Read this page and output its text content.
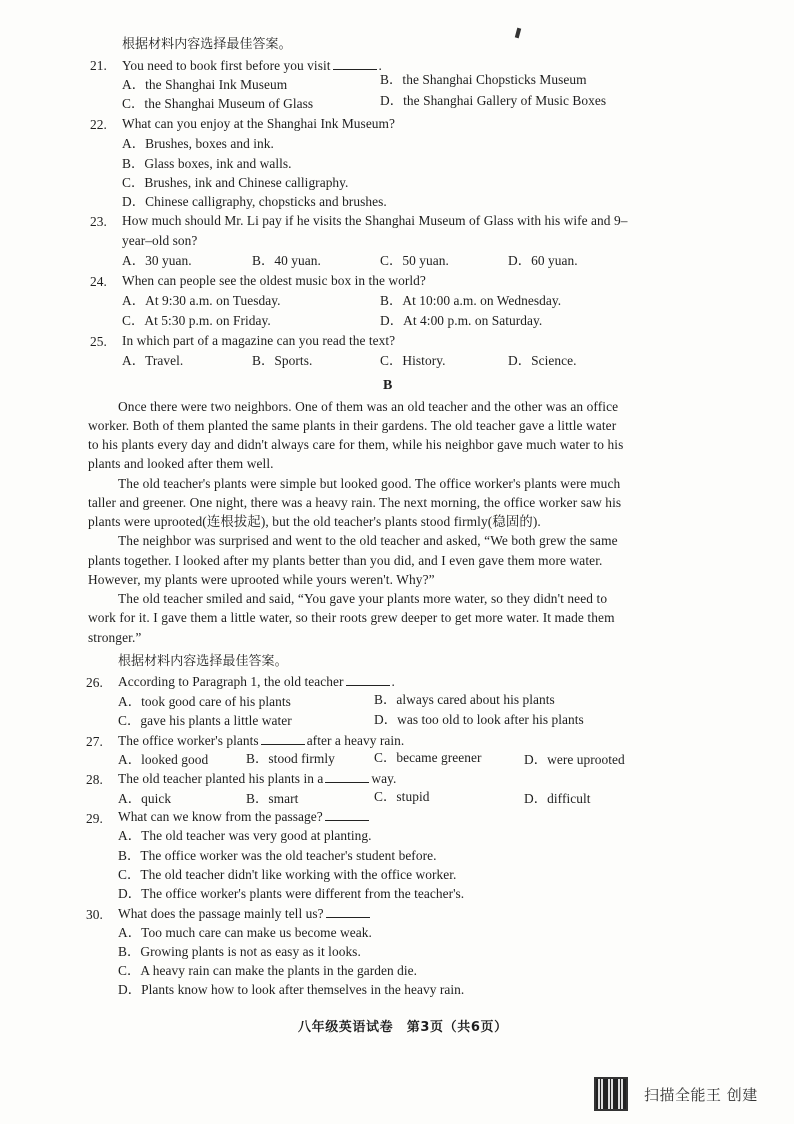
根据材料内容选择最佳答案。
21. You need to book first before you visit	.
A．the Shanghai Ink Museum	B．the Shanghai Chopsticks Museum
C．the Shanghai Museum of Glass	D．the Shanghai Gallery of Music Boxes
22. What can you enjoy at the Shanghai Ink Museum?
A．Brushes, boxes and ink.
B．Glass boxes, ink and walls.
C．Brushes, ink and Chinese calligraphy.
D．Chinese calligraphy, chopsticks and brushes.
23. How much should Mr. Li pay if he visits the Shanghai Museum of Glass with his wife and 9–
year–old son?
A．30 yuan.	B．40 yuan.	C．50 yuan.	D．60 yuan.
24. When can people see the oldest music box in the world?
A．At 9:30 a.m. on Tuesday.	B．At 10:00 a.m. on Wednesday.
C．At 5:30 p.m. on Friday.	D．At 4:00 p.m. on Saturday.
25. In which part of a magazine can you read the text?
A．Travel.	B．Sports.	C．History.	D．Science.
B
Once there were two neighbors. One of them was an old teacher and the other was an office
worker. Both of them planted the same plants in their gardens. The old teacher gave a little water
to his plants every day and didn't always care for them, while his neighbor gave much water to his
plants and looked after them well.
The old teacher's plants were simple but looked good. The office worker's plants were much
taller and greener. One night, there was a heavy rain. The next morning, the office worker saw his
plants were uprooted(连根拔起), but the old teacher's plants stood firmly(稳固的).
The neighbor was surprised and went to the old teacher and asked, “We both grew the same
plants together. I looked after my plants better than you did, and I even gave them more water.
However, my plants were uprooted while yours weren't. Why?”
The old teacher smiled and said, “You gave your plants more water, so they didn't need to
work for it. I gave them a little water, so their roots grew deeper to get more water. It made them
stronger.”
根据材料内容选择最佳答案。
26. According to Paragraph 1, the old teacher	.
A．took good care of his plants	B．always cared about his plants
C．gave his plants a little water	D．was too old to look after his plants
27. The office worker's plants	after a heavy rain.
A．looked good	B．stood firmly	C．became greener	D．were uprooted
28. The old teacher planted his plants in a	way.
A．quick	B．smart	C．stupid	D．difficult
29. What can we know from the passage?
A．The old teacher was very good at planting.
B．The office worker was the old teacher's student before.
C．The old teacher didn't like working with the office worker.
D．The office worker's plants were different from the teacher's.
30. What does the passage mainly tell us?
A．Too much care can make us become weak.
B．Growing plants is not as easy as it looks.
C．A heavy rain can make the plants in the garden die.
D．Plants know how to look after themselves in the heavy rain.
八年级英语试卷　第3页（共6页）
扫描全能王 创建
